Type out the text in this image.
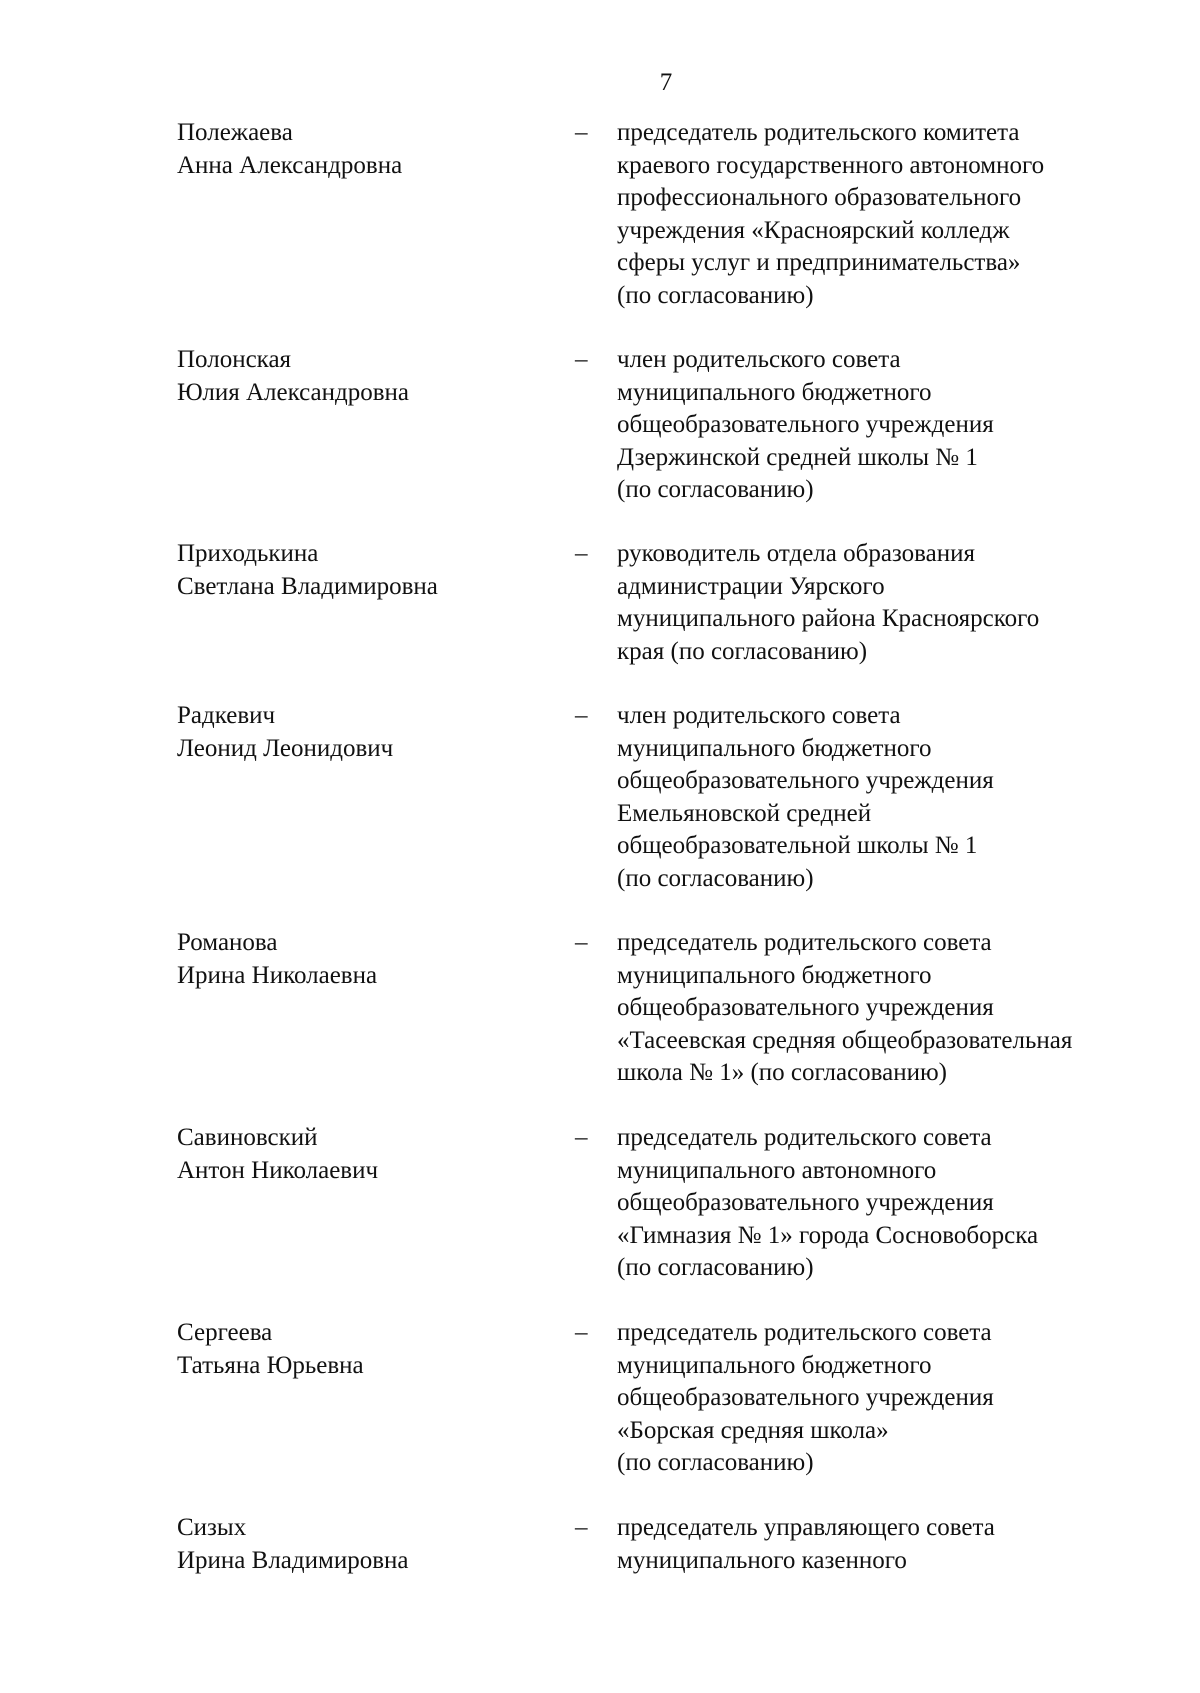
7
Полежаева
Анна Александровна
– председатель родительского комитета
краевого государственного автономного
профессионального образовательного
учреждения «Красноярский колледж
сферы услуг и предпринимательства»
(по согласованию)
Полонская
Юлия Александровна
– член родительского совета
муниципального бюджетного
общеобразовательного учреждения
Дзержинской средней школы № 1
(по согласованию)
Приходькина
Светлана Владимировна
– руководитель отдела образования
администрации Уярского
муниципального района Красноярского
края (по согласованию)
Радкевич
Леонид Леонидович
– член родительского совета
муниципального бюджетного
общеобразовательного учреждения
Емельяновской средней
общеобразовательной школы № 1
(по согласованию)
Романова
Ирина Николаевна
– председатель родительского совета
муниципального бюджетного
общеобразовательного учреждения
«Тасеевская средняя общеобразовательная
школа № 1» (по согласованию)
Савиновский
Антон Николаевич
– председатель родительского совета
муниципального автономного
общеобразовательного учреждения
«Гимназия № 1» города Сосновоборска
(по согласованию)
Сергеева
Татьяна Юрьевна
– председатель родительского совета
муниципального бюджетного
общеобразовательного учреждения
«Борская средняя школа»
(по согласованию)
Сизых
Ирина Владимировна
– председатель управляющего совета
муниципального казенного
